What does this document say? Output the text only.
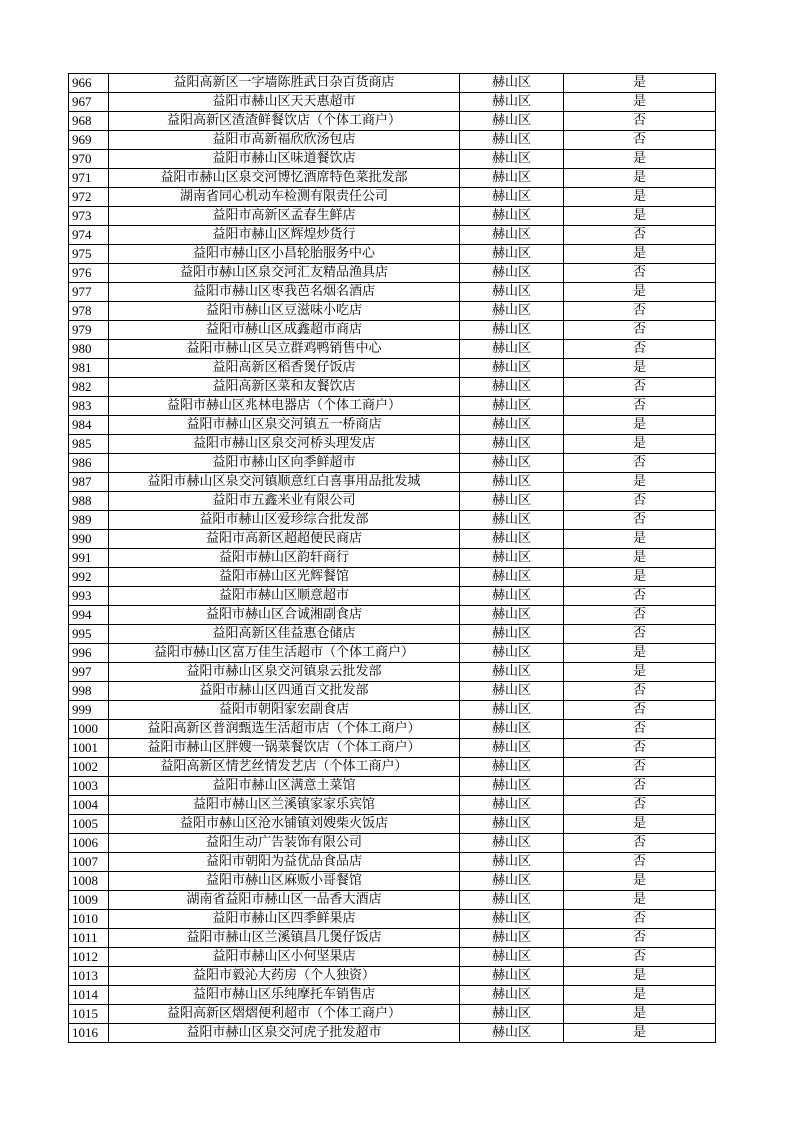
966	益阳高新区一字墙陈胜武日杂百货商店	赫山区	是
967	益阳市赫山区天天惠超市	赫山区	是
968	益阳高新区渣渣鲜餐饮店（个体工商户）	赫山区	否
969	益阳市高新福欣欣汤包店	赫山区	否
970	益阳市赫山区味道餐饮店	赫山区	是
971	益阳市赫山区泉交河博忆酒席特色菜批发部	赫山区	是
972	湖南省同心机动车检测有限责任公司	赫山区	是
973	益阳市高新区孟春生鲜店	赫山区	是
974	益阳市赫山区辉煌炒货行	赫山区	否
975	益阳市赫山区小昌轮胎服务中心	赫山区	是
976	益阳市赫山区泉交河汇友精品渔具店	赫山区	否
977	益阳市赫山区枣我芭名烟名酒店	赫山区	是
978	益阳市赫山区豆滋味小吃店	赫山区	否
979	益阳市赫山区成鑫超市商店	赫山区	否
980	益阳市赫山区吴立群鸡鸭销售中心	赫山区	否
981	益阳高新区稻香煲仔饭店	赫山区	是
982	益阳高新区菜和友餐饮店	赫山区	否
983	益阳市赫山区兆林电器店（个体工商户）	赫山区	否
984	益阳市赫山区泉交河镇五一桥商店	赫山区	是
985	益阳市赫山区泉交河桥头理发店	赫山区	是
986	益阳市赫山区向季鲜超市	赫山区	否
987	益阳市赫山区泉交河镇顺意红白喜事用品批发城	赫山区	是
988	益阳市五鑫米业有限公司	赫山区	否
989	益阳市赫山区爱珍综合批发部	赫山区	否
990	益阳市高新区超超便民商店	赫山区	是
991	益阳市赫山区韵轩商行	赫山区	是
992	益阳市赫山区光辉餐馆	赫山区	是
993	益阳市赫山区顺意超市	赫山区	否
994	益阳市赫山区合诚湘副食店	赫山区	否
995	益阳高新区佳益惠仓储店	赫山区	否
996	益阳市赫山区富万佳生活超市（个体工商户）	赫山区	是
997	益阳市赫山区泉交河镇泉云批发部	赫山区	是
998	益阳市赫山区四通百文批发部	赫山区	否
999	益阳市朝阳家宏副食店	赫山区	否
1000	益阳高新区普润甄选生活超市店（个体工商户）	赫山区	否
1001	益阳市赫山区胖嫂一锅菜餐饮店（个体工商户）	赫山区	否
1002	益阳高新区情艺丝情发艺店（个体工商户）	赫山区	否
1003	益阳市赫山区满意土菜馆	赫山区	否
1004	益阳市赫山区兰溪镇家家乐宾馆	赫山区	否
1005	益阳市赫山区沧水铺镇刘嫂柴火饭店	赫山区	是
1006	益阳生动广告装饰有限公司	赫山区	否
1007	益阳市朝阳为益优品食品店	赫山区	否
1008	益阳市赫山区麻贩小哥餐馆	赫山区	是
1009	湖南省益阳市赫山区一品香大酒店	赫山区	是
1010	益阳市赫山区四季鲜果店	赫山区	否
1011	益阳市赫山区兰溪镇昌几煲仔饭店	赫山区	否
1012	益阳市赫山区小何坚果店	赫山区	否
1013	益阳市毅沁大药房（个人独资）	赫山区	是
1014	益阳市赫山区乐纯摩托车销售店	赫山区	是
1015	益阳高新区熠熠便利超市（个体工商户）	赫山区	是
1016	益阳市赫山区泉交河虎子批发超市	赫山区	是
